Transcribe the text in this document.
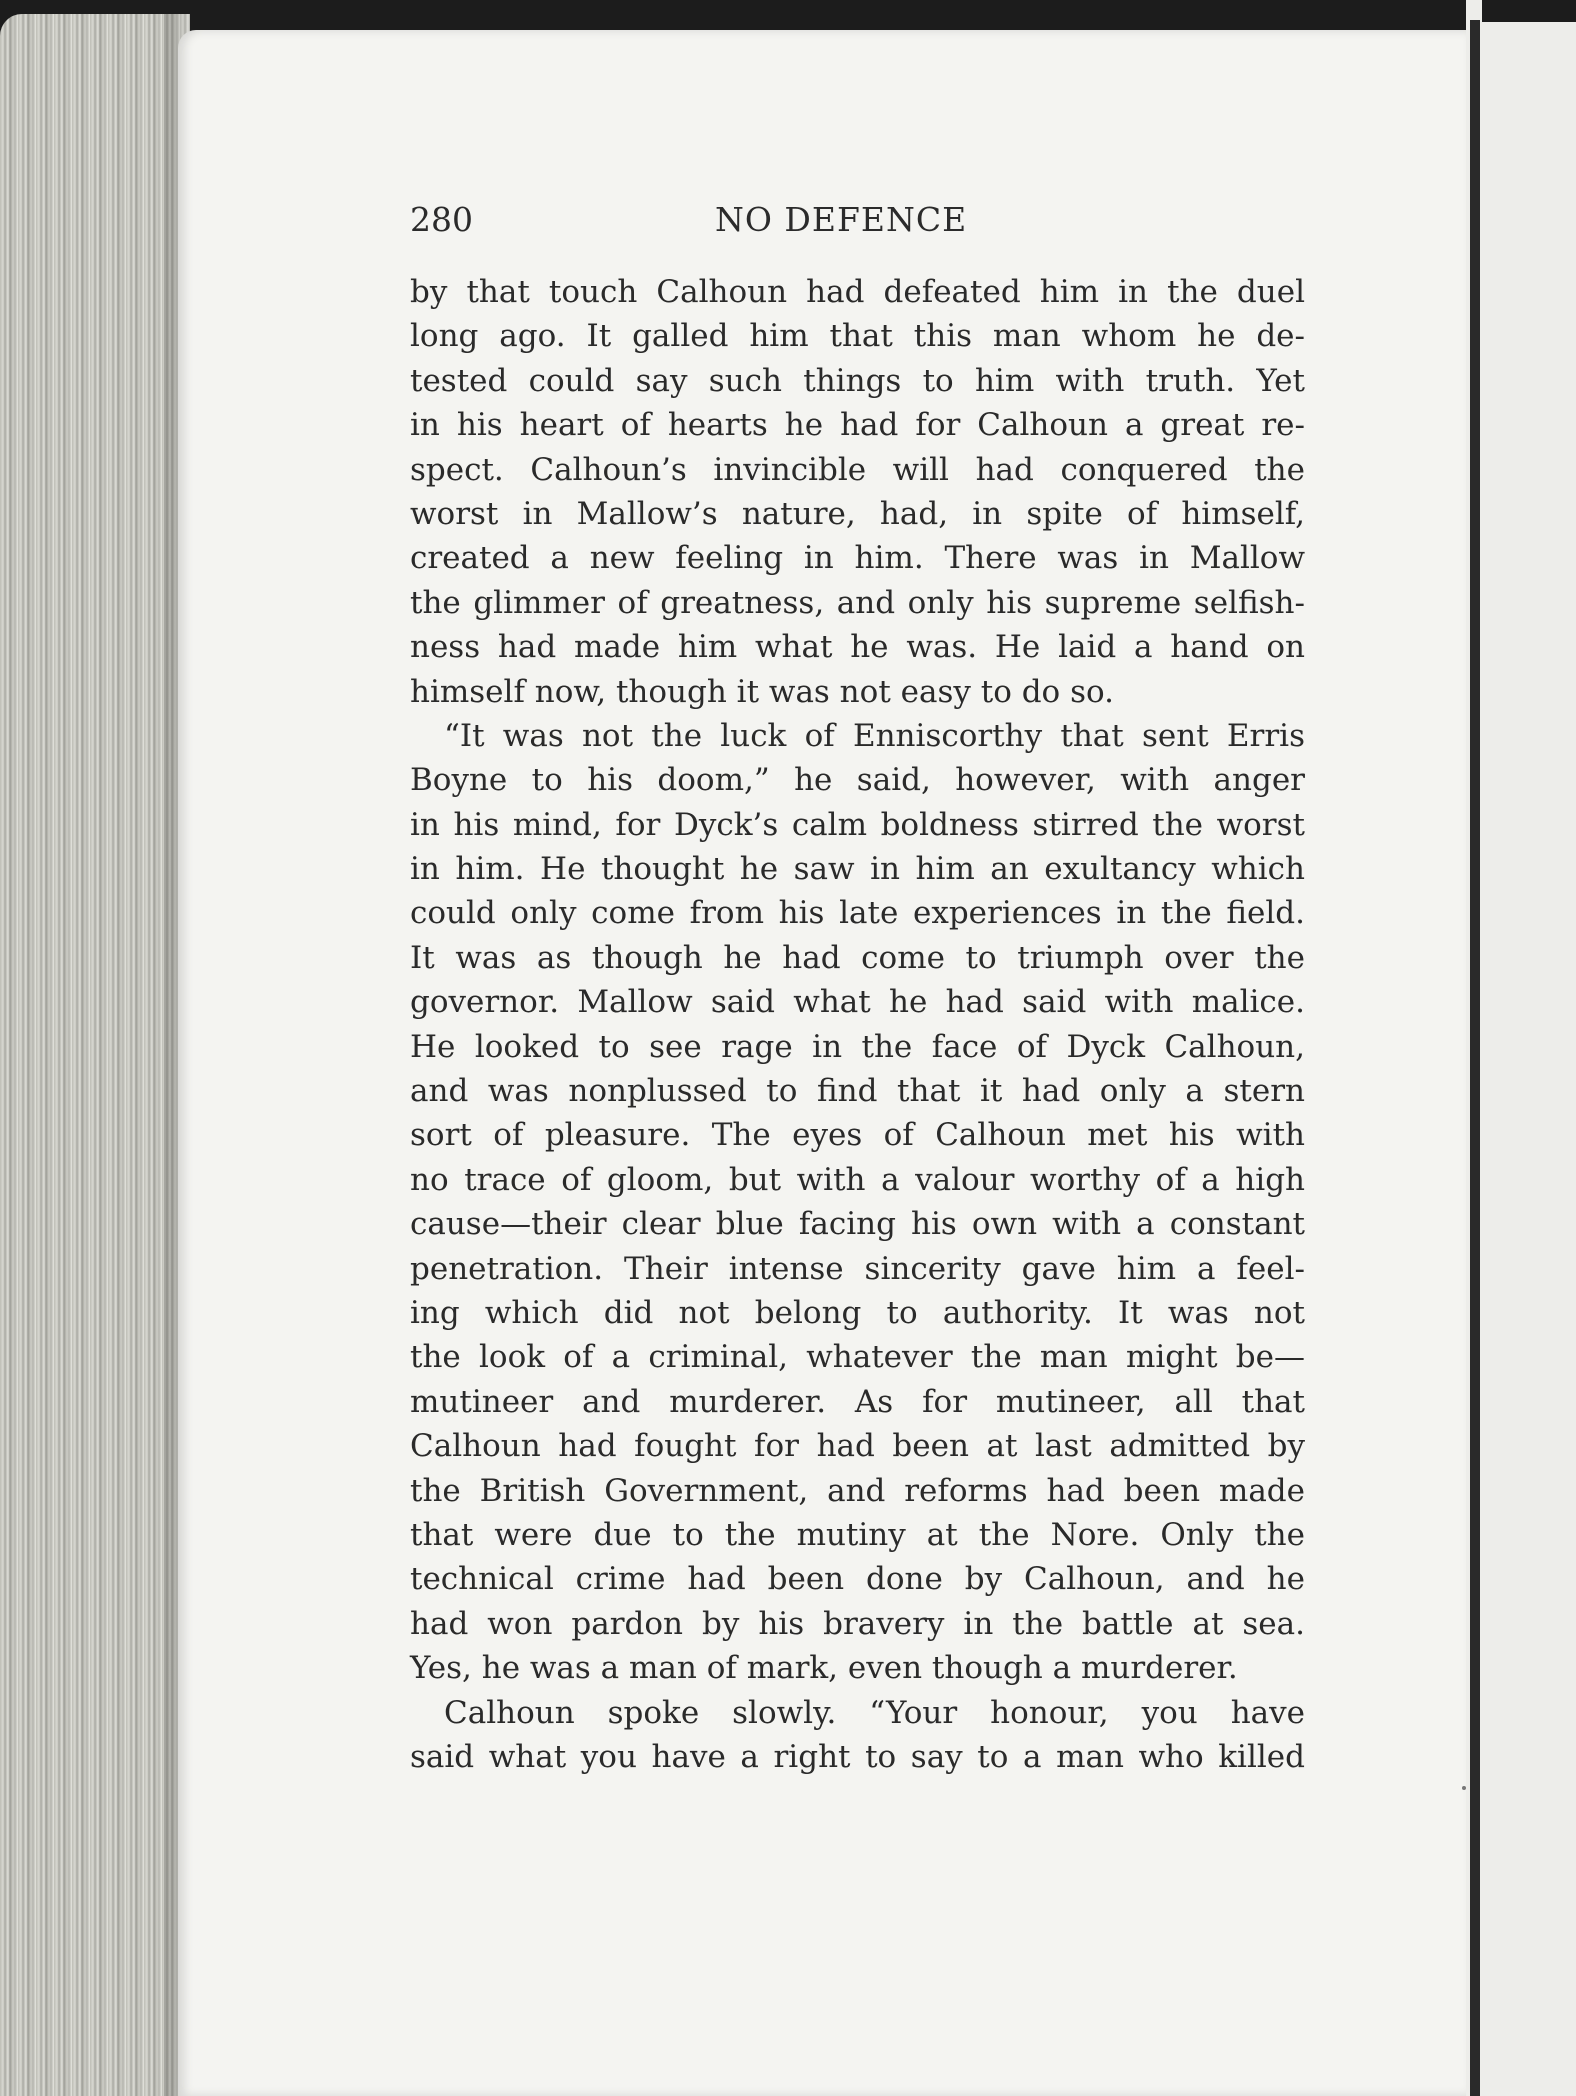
280	NO DEFENCE
by that touch Calhoun had defeated him in the duel
long ago. It galled him that this man whom he de-
tested could say such things to him with truth. Yet
in his heart of hearts he had for Calhoun a great re-
spect. Calhoun’s invincible will had conquered the
worst in Mallow’s nature, had, in spite of himself,
created a new feeling in him. There was in Mallow
the glimmer of greatness, and only his supreme selfish-
ness had made him what he was. He laid a hand on
himself now, though it was not easy to do so.
“It was not the luck of Enniscorthy that sent Erris
Boyne to his doom,” he said, however, with anger
in his mind, for Dyck’s calm boldness stirred the worst
in him. He thought he saw in him an exultancy which
could only come from his late experiences in the field.
It was as though he had come to triumph over the
governor. Mallow said what he had said with malice.
He looked to see rage in the face of Dyck Calhoun,
and was nonplussed to find that it had only a stern
sort of pleasure. The eyes of Calhoun met his with
no trace of gloom, but with a valour worthy of a high
cause—their clear blue facing his own with a constant
penetration. Their intense sincerity gave him a feel-
ing which did not belong to authority. It was not
the look of a criminal, whatever the man might be—
mutineer and murderer. As for mutineer, all that
Calhoun had fought for had been at last admitted by
the British Government, and reforms had been made
that were due to the mutiny at the Nore. Only the
technical crime had been done by Calhoun, and he
had won pardon by his bravery in the battle at sea.
Yes, he was a man of mark, even though a murderer.
Calhoun spoke slowly. “Your honour, you have
said what you have a right to say to a man who killed
